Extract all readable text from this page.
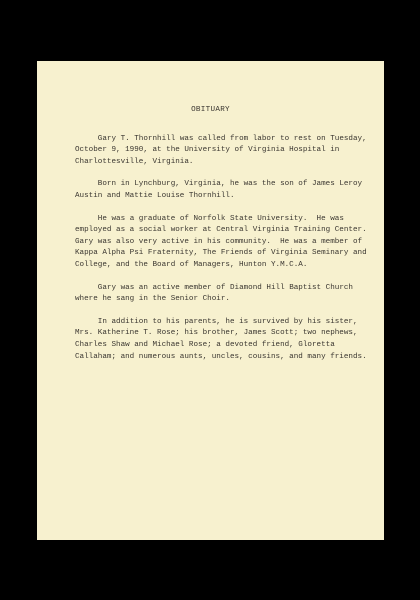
OBITUARY

Gary T. Thornhill was called from labor to rest on Tuesday,
October 9, 1990, at the University of Virginia Hospital in
Charlottesville, Virginia.

Born in Lynchburg, Virginia, he was the son of James Leroy
Austin and Mattie Louise Thornhill.

He was a graduate of Norfolk State University.  He was
employed as a social worker at Central Virginia Training Center.
Gary was also very active in his community.  He was a member of
Kappa Alpha Psi Fraternity, The Friends of Virginia Seminary and
College, and the Board of Managers, Hunton Y.M.C.A.

Gary was an active member of Diamond Hill Baptist Church
where he sang in the Senior Choir.

In addition to his parents, he is survived by his sister,
Mrs. Katherine T. Rose; his brother, James Scott; two nephews,
Charles Shaw and Michael Rose; a devoted friend, Gloretta
Callaham; and numerous aunts, uncles, cousins, and many friends.
